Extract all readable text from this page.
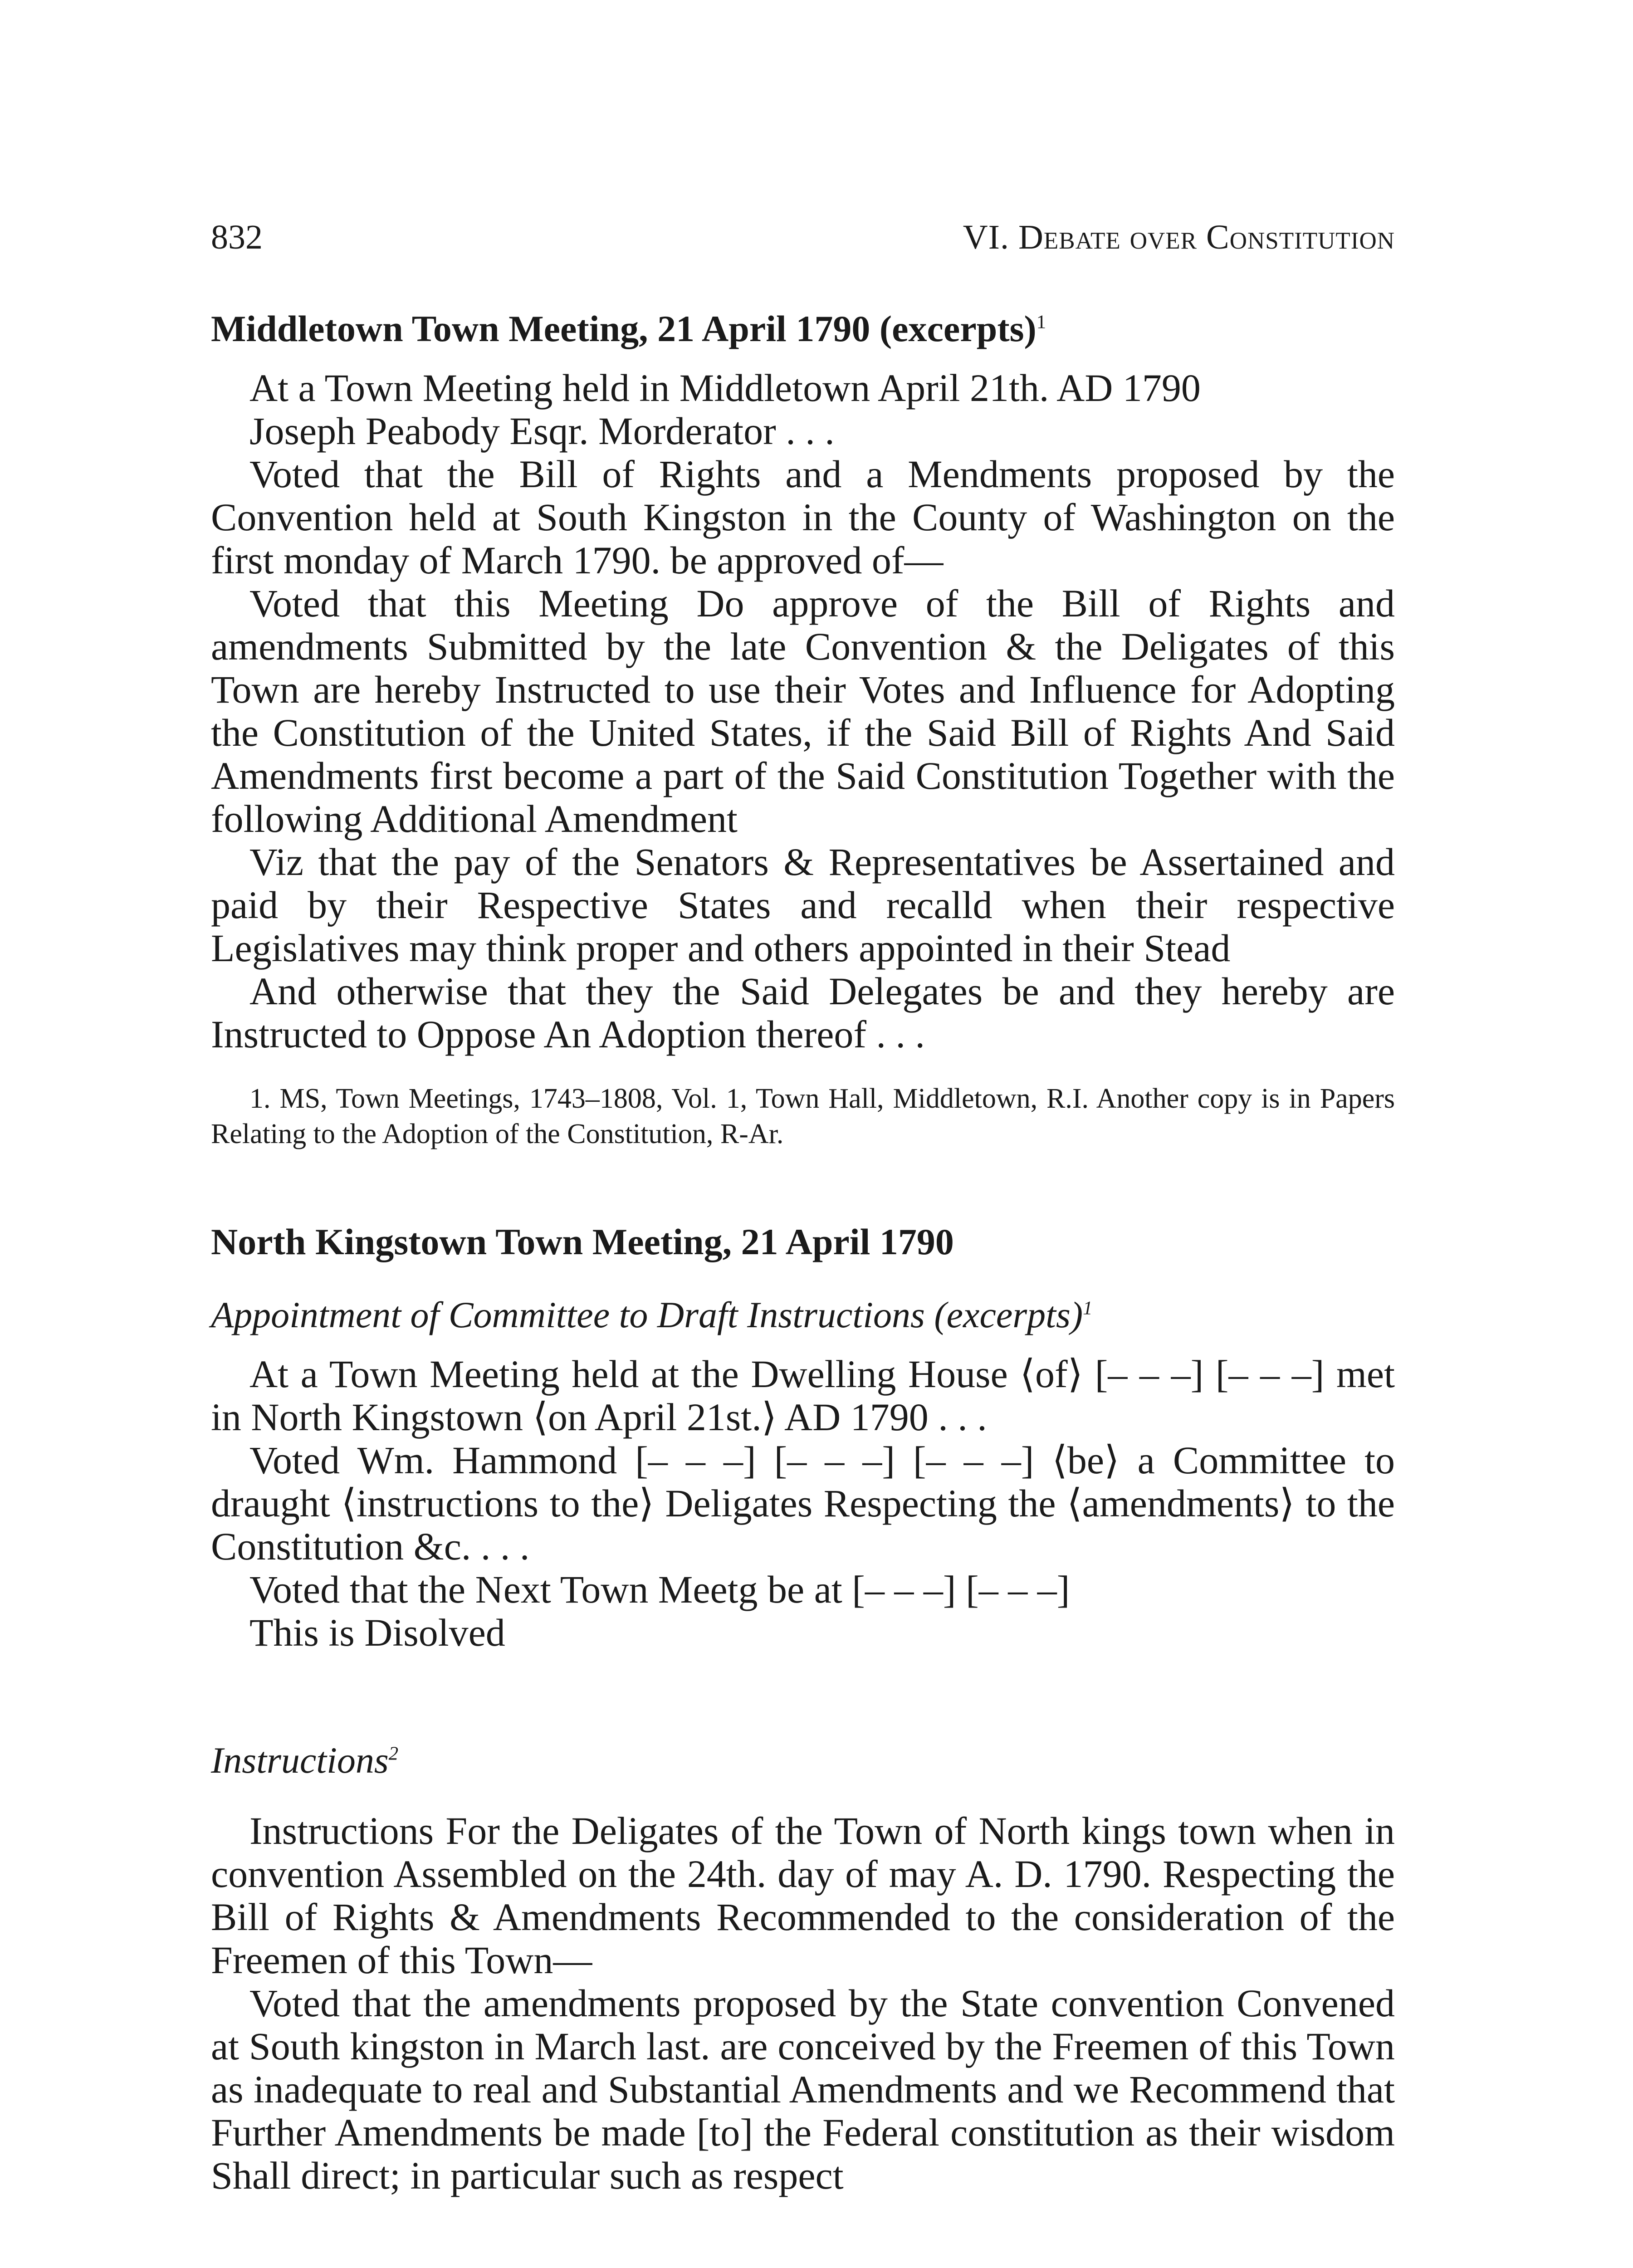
832	VI. Debate over Constitution
Middletown Town Meeting, 21 April 1790 (excerpts)$^1$

At a Town Meeting held in Middletown April 21th. AD 1790

Joseph Peabody Esqr. Morderator . . .

Voted that the Bill of Rights and a Mendments proposed by the Convention held at South Kingston in the County of Washington on the first monday of March 1790. be approved of—

Voted that this Meeting Do approve of the Bill of Rights and amendments Submitted by the late Convention & the Deligates of this Town are hereby Instructed to use their Votes and Influence for Adopting the Constitution of the United States, if the Said Bill of Rights And Said Amendments first become a part of the Said Constitution Together with the following Additional Amendment

Viz that the pay of the Senators & Representatives be Assertained and paid by their Respective States and recalld when their respective Legislatives may think proper and others appointed in their Stead

And otherwise that they the Said Delegates be and they hereby are Instructed to Oppose An Adoption thereof . . .

1. MS, Town Meetings, 1743–1808, Vol. 1, Town Hall, Middletown, R.I. Another copy is in Papers Relating to the Adoption of the Constitution, R-Ar.
North Kingstown Town Meeting, 21 April 1790
Appointment of Committee to Draft Instructions (excerpts)$^1$

At a Town Meeting held at the Dwelling House ⟨of⟩ [– – –] [– – –] met in North Kingstown ⟨on April 21st.⟩ AD 1790 . . .

Voted Wm. Hammond [– – –] [– – –] [– – –] ⟨be⟩ a Committee to draught ⟨instructions to the⟩ Deligates Respecting the ⟨amendments⟩ to the Constitution &c. . . .

Voted that the Next Town Meetg be at [– – –] [– – –]

This is Disolved

Instructions$^2$

Instructions For the Deligates of the Town of North kings town when in convention Assembled on the 24th. day of may A. D. 1790. Respecting the Bill of Rights & Amendments Recommended to the consideration of the Freemen of this Town—

Voted that the amendments proposed by the State convention Convened at South kingston in March last. are conceived by the Freemen of this Town as inadequate to real and Substantial Amendments and we Recommend that Further Amendments be made [to] the Federal constitution as their wisdom Shall direct; in particular such as respect
